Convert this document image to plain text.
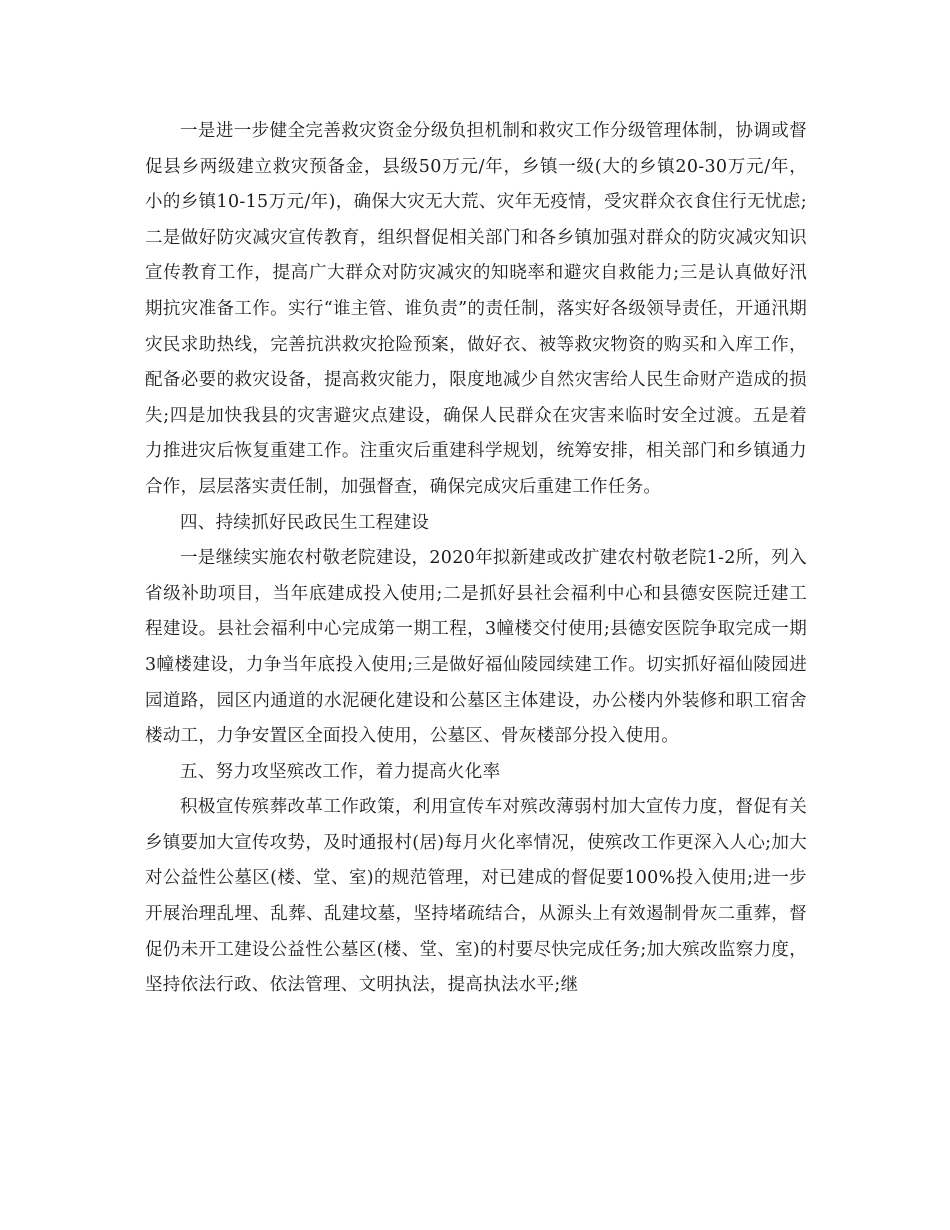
一是进一步健全完善救灾资金分级负担机制和救灾工作分级管理体制，协调或督促县乡两级建立救灾预备金，县级50万元/年，乡镇一级(大的乡镇20-30万元/年，小的乡镇10-15万元/年)，确保大灾无大荒、灾年无疫情，受灾群众衣食住行无忧虑;二是做好防灾减灾宣传教育，组织督促相关部门和各乡镇加强对群众的防灾减灾知识宣传教育工作，提高广大群众对防灾减灾的知晓率和避灾自救能力;三是认真做好汛期抗灾准备工作。实行“谁主管、谁负责”的责任制，落实好各级领导责任，开通汛期灾民求助热线，完善抗洪救灾抢险预案，做好衣、被等救灾物资的购买和入库工作，配备必要的救灾设备，提高救灾能力，限度地减少自然灾害给人民生命财产造成的损失;四是加快我县的灾害避灾点建设，确保人民群众在灾害来临时安全过渡。五是着力推进灾后恢复重建工作。注重灾后重建科学规划，统筹安排，相关部门和乡镇通力合作，层层落实责任制，加强督查，确保完成灾后重建工作任务。

四、持续抓好民政民生工程建设

一是继续实施农村敬老院建设，2020年拟新建或改扩建农村敬老院1-2所，列入省级补助项目，当年底建成投入使用;二是抓好县社会福利中心和县德安医院迁建工程建设。县社会福利中心完成第一期工程，3幢楼交付使用;县德安医院争取完成一期3幢楼建设，力争当年底投入使用;三是做好福仙陵园续建工作。切实抓好福仙陵园进园道路，园区内通道的水泥硬化建设和公墓区主体建设，办公楼内外装修和职工宿舍楼动工，力争安置区全面投入使用，公墓区、骨灰楼部分投入使用。

五、努力攻坚殡改工作，着力提高火化率

积极宣传殡葬改革工作政策，利用宣传车对殡改薄弱村加大宣传力度，督促有关乡镇要加大宣传攻势，及时通报村(居)每月火化率情况，使殡改工作更深入人心;加大对公益性公墓区(楼、堂、室)的规范管理，对已建成的督促要100%投入使用;进一步开展治理乱埋、乱葬、乱建坟墓，坚持堵疏结合，从源头上有效遏制骨灰二重葬，督促仍未开工建设公益性公墓区(楼、堂、室)的村要尽快完成任务;加大殡改监察力度，坚持依法行政、依法管理、文明执法，提高执法水平;继
